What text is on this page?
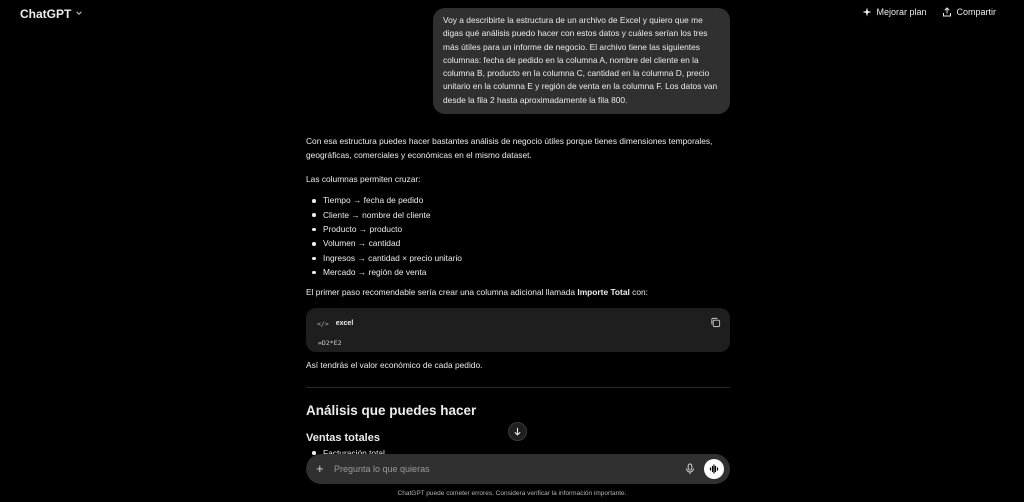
ChatGPT	Mejorar plan	Compartir
Voy a describirte la estructura de un archivo de Excel y quiero que me digas qué análisis puedo hacer con estos datos y cuáles serían los tres más útiles para un informe de negocio. El archivo tiene las siguientes columnas: fecha de pedido en la columna A, nombre del cliente en la columna B, producto en la columna C, cantidad en la columna D, precio unitario en la columna E y región de venta en la columna F. Los datos van desde la fila 2 hasta aproximadamente la fila 800.

Con esa estructura puedes hacer bastantes análisis de negocio útiles porque tienes dimensiones temporales, geográficas, comerciales y económicas en el mismo dataset.

Las columnas permiten cruzar:

Tiempo → fecha de pedido
Cliente → nombre del cliente
Producto → producto
Volumen → cantidad
Ingresos → cantidad × precio unitario
Mercado → región de venta

El primer paso recomendable sería crear una columna adicional llamada Importe Total con:

</> excel
=D2*E2

Así tendrás el valor económico de cada pedido.

Análisis que puedes hacer
Ventas totales
+
Pregunta lo que quieras
ChatGPT puede cometer errores. Considera verificar la información importante.
